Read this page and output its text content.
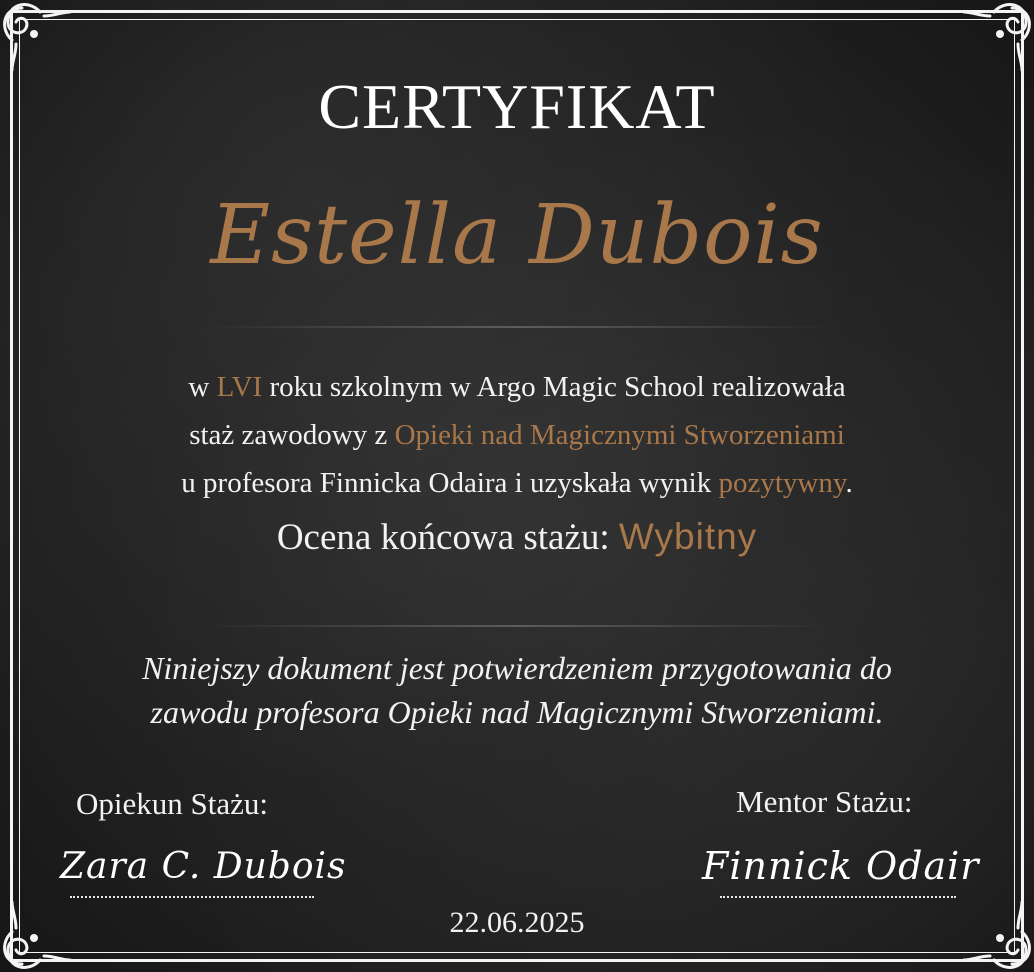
CERTYFIKAT
Estella Dubois
w LVI roku szkolnym w Argo Magic School realizowała
staż zawodowy z Opieki nad Magicznymi Stworzeniami
u profesora Finnicka Odaira i uzyskała wynik pozytywny.
Ocena końcowa stażu: Wybitny
Niniejszy dokument jest potwierdzeniem przygotowania do
zawodu profesora Opieki nad Magicznymi Stworzeniami.
Opiekun Stażu:	Mentor Stażu:
Zara C. Dubois	Finnick Odair
22.06.2025
